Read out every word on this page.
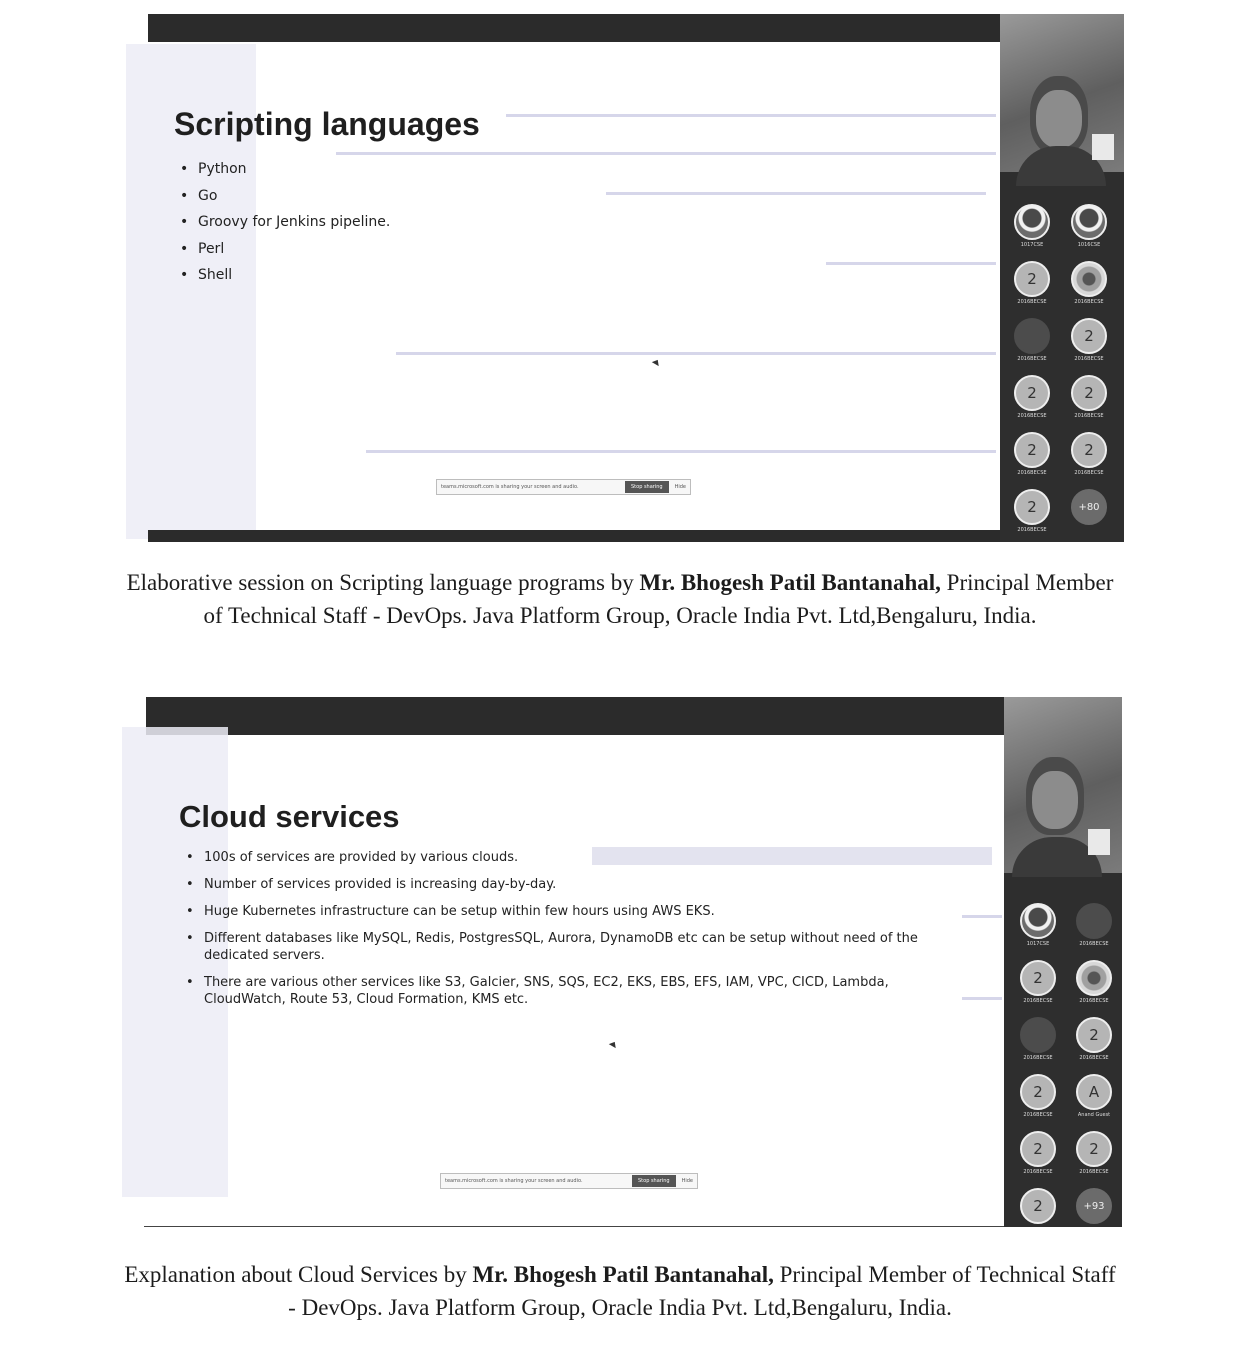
Scripting languages
• Python
• Go
• Groovy for Jenkins pipeline.
• Perl
• Shell
teams.microsoft.com is sharing your screen and audio.	Stop sharing	Hide
1017CSE	1016CSE
2
2016BECSE	2016BECSE
2016BECSE
2
2016BECSE
2
2016BECSE
2
2016BECSE
2
2016BECSE
2
2016BECSE
2
2016BECSE
+80
Elaborative session on Scripting language programs by Mr. Bhogesh Patil Bantanahal, Principal Member of Technical Staff - DevOps. Java Platform Group, Oracle India Pvt. Ltd,Bengaluru, India.
Cloud services
• 100s of services are provided by various clouds.
• Number of services provided is increasing day-by-day.
• Huge Kubernetes infrastructure can be setup within few hours using AWS EKS.
• Different databases like MySQL, Redis, PostgresSQL, Aurora, DynamoDB etc can be setup without need of the dedicated servers.
• There are various other services like S3, Galcier, SNS, SQS, EC2, EKS, EBS, EFS, IAM, VPC, CICD, Lambda, CloudWatch, Route 53, Cloud Formation, KMS etc.
teams.microsoft.com is sharing your screen and audio.	Stop sharing	Hide
1017CSE	2016BECSE
2
2016BECSE	2016BECSE
2016BECSE
2
2016BECSE
2
2016BECSE
A
Anand Guest
2
2016BECSE
2
2016BECSE
2	+93
Explanation about Cloud Services by Mr. Bhogesh Patil Bantanahal, Principal Member of Technical Staff - DevOps. Java Platform Group, Oracle India Pvt. Ltd,Bengaluru, India.
